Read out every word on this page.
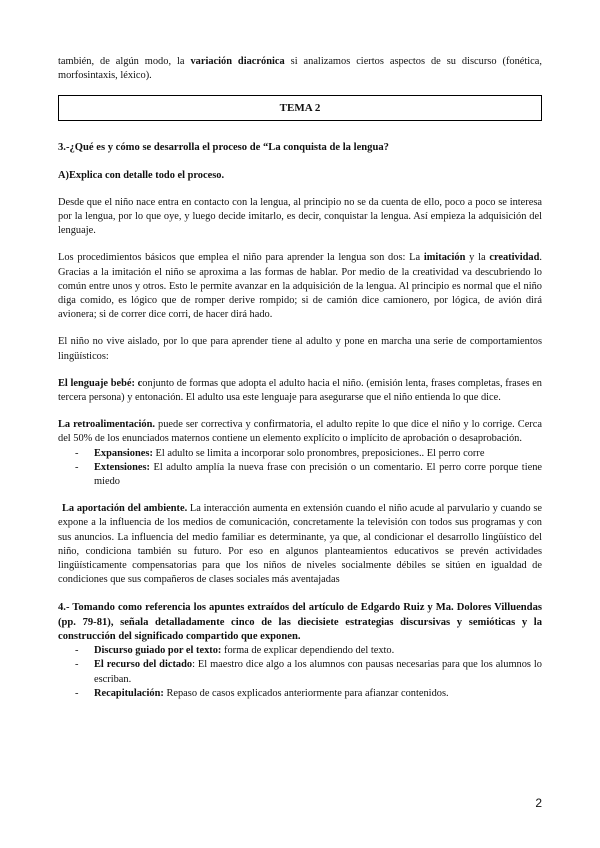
también, de algún modo, la variación diacrónica si analizamos ciertos aspectos de su discurso (fonética, morfosintaxis, léxico).

TEMA 2

3.-¿Qué es y cómo se desarrolla el proceso de “La conquista de la lengua?

A)Explica con detalle todo el proceso.

Desde que el niño nace entra en contacto con la lengua, al principio no se da cuenta de ello, poco a poco se interesa por la lengua, por lo que oye, y luego decide imitarlo, es decir, conquistar la lengua. Así empieza la adquisición del lenguaje.

Los procedimientos básicos que emplea el niño para aprender la lengua son dos: La imitación y la creatividad. Gracias a la imitación el niño se aproxima a las formas de hablar. Por medio de la creatividad va descubriendo lo común entre unos y otros. Esto le permite avanzar en la adquisición de la lengua. Al principio es normal que el niño diga comido, es lógico que de romper derive rompido; si de camión dice camionero, por lógica, de avión dirá avionera; si de correr dice corri, de hacer dirá hado.

El niño no vive aislado, por lo que para aprender tiene al adulto y pone en marcha una serie de comportamientos lingüísticos:

El lenguaje bebé: conjunto de formas que adopta el adulto hacia el niño. (emisión lenta, frases completas, frases en tercera persona) y entonación. El adulto usa este lenguaje para asegurarse que el niño entienda lo que dice.

La retroalimentación. puede ser correctiva y confirmatoria, el adulto repite lo que dice el niño y lo corrige. Cerca del 50% de los enunciados maternos contiene un elemento explícito o implícito de aprobación o desaprobación.

- Expansiones: El adulto se limita a incorporar solo pronombres, preposiciones.. El perro corre
- Extensiones: El adulto amplía la nueva frase con precisión o un comentario. El perro corre porque tiene miedo

La aportación del ambiente. La interacción aumenta en extensión cuando el niño acude al parvulario y cuando se expone a la influencia de los medios de comunicación, concretamente la televisión con todos sus programas y con sus anuncios. La influencia del medio familiar es determinante, ya que, al condicionar el desarrollo lingüístico del niño, condiciona también su futuro. Por eso en algunos planteamientos educativos se prevén actividades lingüísticamente compensatorias para que los niños de niveles socialmente débiles se sitúen en igualdad de condiciones que sus compañeros de clases sociales más aventajadas

4.- Tomando como referencia los apuntes extraídos del artículo de Edgardo Ruiz y Ma. Dolores Villuendas (pp. 79-81), señala detalladamente cinco de las diecisiete estrategias discursivas y semióticas y la construcción del significado compartido que exponen.

- Discurso guiado por el texto: forma de explicar dependiendo del texto.
- El recurso del dictado: El maestro dice algo a los alumnos con pausas necesarias para que los alumnos lo escriban.
- Recapitulación: Repaso de casos explicados anteriormente para afianzar contenidos.
2
